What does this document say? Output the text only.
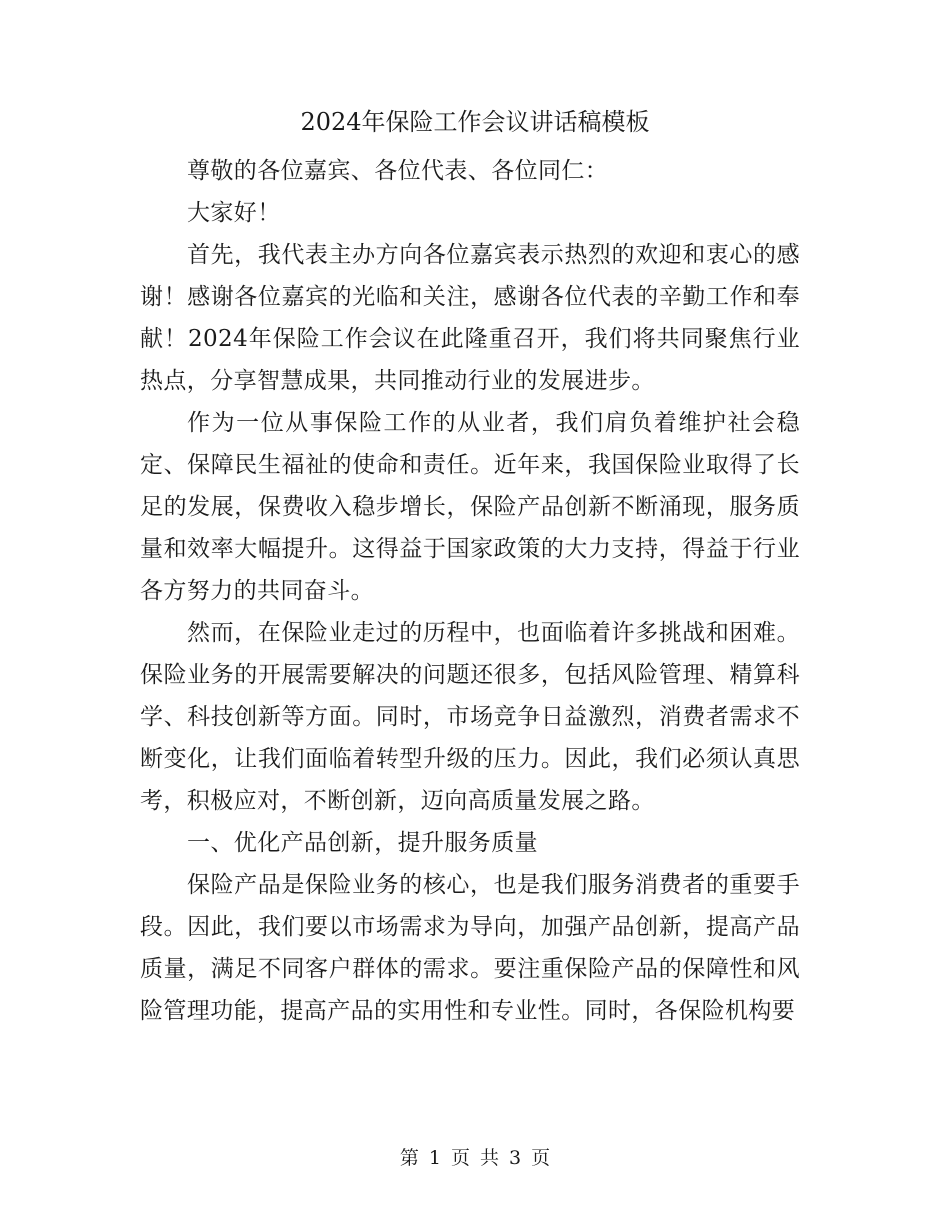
2024年保险工作会议讲话稿模板

尊敬的各位嘉宾、各位代表、各位同仁：

大家好！

首先，我代表主办方向各位嘉宾表示热烈的欢迎和衷心的感谢！感谢各位嘉宾的光临和关注，感谢各位代表的辛勤工作和奉献！2024年保险工作会议在此隆重召开，我们将共同聚焦行业热点，分享智慧成果，共同推动行业的发展进步。

作为一位从事保险工作的从业者，我们肩负着维护社会稳定、保障民生福祉的使命和责任。近年来，我国保险业取得了长足的发展，保费收入稳步增长，保险产品创新不断涌现，服务质量和效率大幅提升。这得益于国家政策的大力支持，得益于行业各方努力的共同奋斗。

然而，在保险业走过的历程中，也面临着许多挑战和困难。保险业务的开展需要解决的问题还很多，包括风险管理、精算科学、科技创新等方面。同时，市场竞争日益激烈，消费者需求不断变化，让我们面临着转型升级的压力。因此，我们必须认真思考，积极应对，不断创新，迈向高质量发展之路。

一、优化产品创新，提升服务质量

保险产品是保险业务的核心，也是我们服务消费者的重要手段。因此，我们要以市场需求为导向，加强产品创新，提高产品质量，满足不同客户群体的需求。要注重保险产品的保障性和风险管理功能，提高产品的实用性和专业性。同时，各保险机构要

第 1 页 共 3 页
